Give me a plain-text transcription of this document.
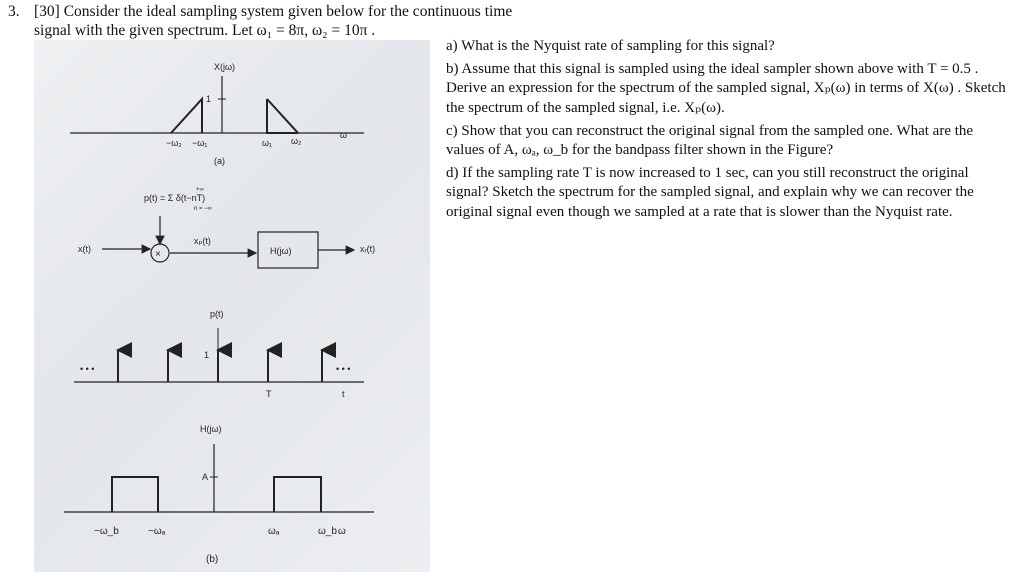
3. [30] Consider the ideal sampling system given below for the continuous time
signal with the given spectrum. Let ω₁ = 8π, ω₂ = 10π .
X(jω)
1
−ω₂ −ω₁	ω₁ ω₂
ω
(a)
p(t) = Σ δ(t−nT)
+∞
n = −∞
x(t)	×
xₚ(t)
H(jω)	xᵣ(t)
p(t)
1
• • •	• • •
T	t
H(jω)
A
−ω_b	−ωₐ	ωₐ	ω_b ω
(b)

a) What is the Nyquist rate of sampling for this signal?

b) Assume that this signal is sampled using the ideal sampler shown above with T = 0.5 . Derive an expression for the spectrum of the sampled signal, Xₚ(ω) in terms of X(ω) . Sketch the spectrum of the sampled signal, i.e. Xₚ(ω).

c) Show that you can reconstruct the original signal from the sampled one. What are the values of A, ωₐ, ω_b for the bandpass filter shown in the Figure?

d) If the sampling rate T is now increased to 1 sec, can you still reconstruct the original signal? Sketch the spectrum for the sampled signal, and explain why we can recover the original signal even though we sampled at a rate that is slower than the Nyquist rate.
